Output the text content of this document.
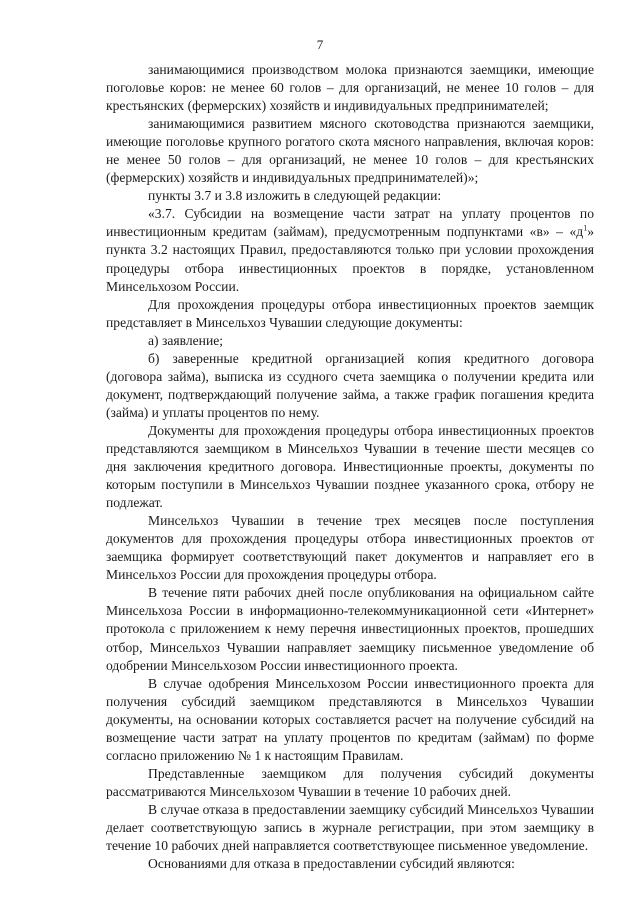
7

занимающимися производством молока признаются заемщики, имеющие поголовье коров: не менее 60 голов – для организаций, не менее 10 голов – для крестьянских (фермерских) хозяйств и индивидуальных предпринимателей;

занимающимися развитием мясного скотоводства признаются заемщики, имеющие поголовье крупного рогатого скота мясного направления, включая коров: не менее 50 голов – для организаций, не менее 10 голов – для крестьянских (фермерских) хозяйств и индивидуальных предпринимателей)»;

пункты 3.7 и 3.8 изложить в следующей редакции:

«3.7. Субсидии на возмещение части затрат на уплату процентов по инвестиционным кредитам (займам), предусмотренным подпунктами «в» – «$д^1$» пункта 3.2 настоящих Правил, предоставляются только при условии прохождения процедуры отбора инвестиционных проектов в порядке, установленном Минсельхозом России.

Для прохождения процедуры отбора инвестиционных проектов заемщик представляет в Минсельхоз Чувашии следующие документы:

а) заявление;

б) заверенные кредитной организацией копия кредитного договора (договора займа), выписка из ссудного счета заемщика о получении кредита или документ, подтверждающий получение займа, а также график погашения кредита (займа) и уплаты процентов по нему.

Документы для прохождения процедуры отбора инвестиционных проектов представляются заемщиком в Минсельхоз Чувашии в течение шести месяцев со дня заключения кредитного договора. Инвестиционные проекты, документы по которым поступили в Минсельхоз Чувашии позднее указанного срока, отбору не подлежат.

Минсельхоз Чувашии в течение трех месяцев после поступления документов для прохождения процедуры отбора инвестиционных проектов от заемщика формирует соответствующий пакет документов и направляет его в Минсельхоз России для прохождения процедуры отбора.

В течение пяти рабочих дней после опубликования на официальном сайте Минсельхоза России в информационно-телекоммуникационной сети «Интернет» протокола с приложением к нему перечня инвестиционных проектов, прошедших отбор, Минсельхоз Чувашии направляет заемщику письменное уведомление об одобрении Минсельхозом России инвестиционного проекта.

В случае одобрения Минсельхозом России инвестиционного проекта для получения субсидий заемщиком представляются в Минсельхоз Чувашии документы, на основании которых составляется расчет на получение субсидий на возмещение части затрат на уплату процентов по кредитам (займам) по форме согласно приложению № 1 к настоящим Правилам.

Представленные заемщиком для получения субсидий документы рассматриваются Минсельхозом Чувашии в течение 10 рабочих дней.

В случае отказа в предоставлении заемщику субсидий Минсельхоз Чувашии делает соответствующую запись в журнале регистрации, при этом заемщику в течение 10 рабочих дней направляется соответствующее письменное уведомление.

Основаниями для отказа в предоставлении субсидий являются:
